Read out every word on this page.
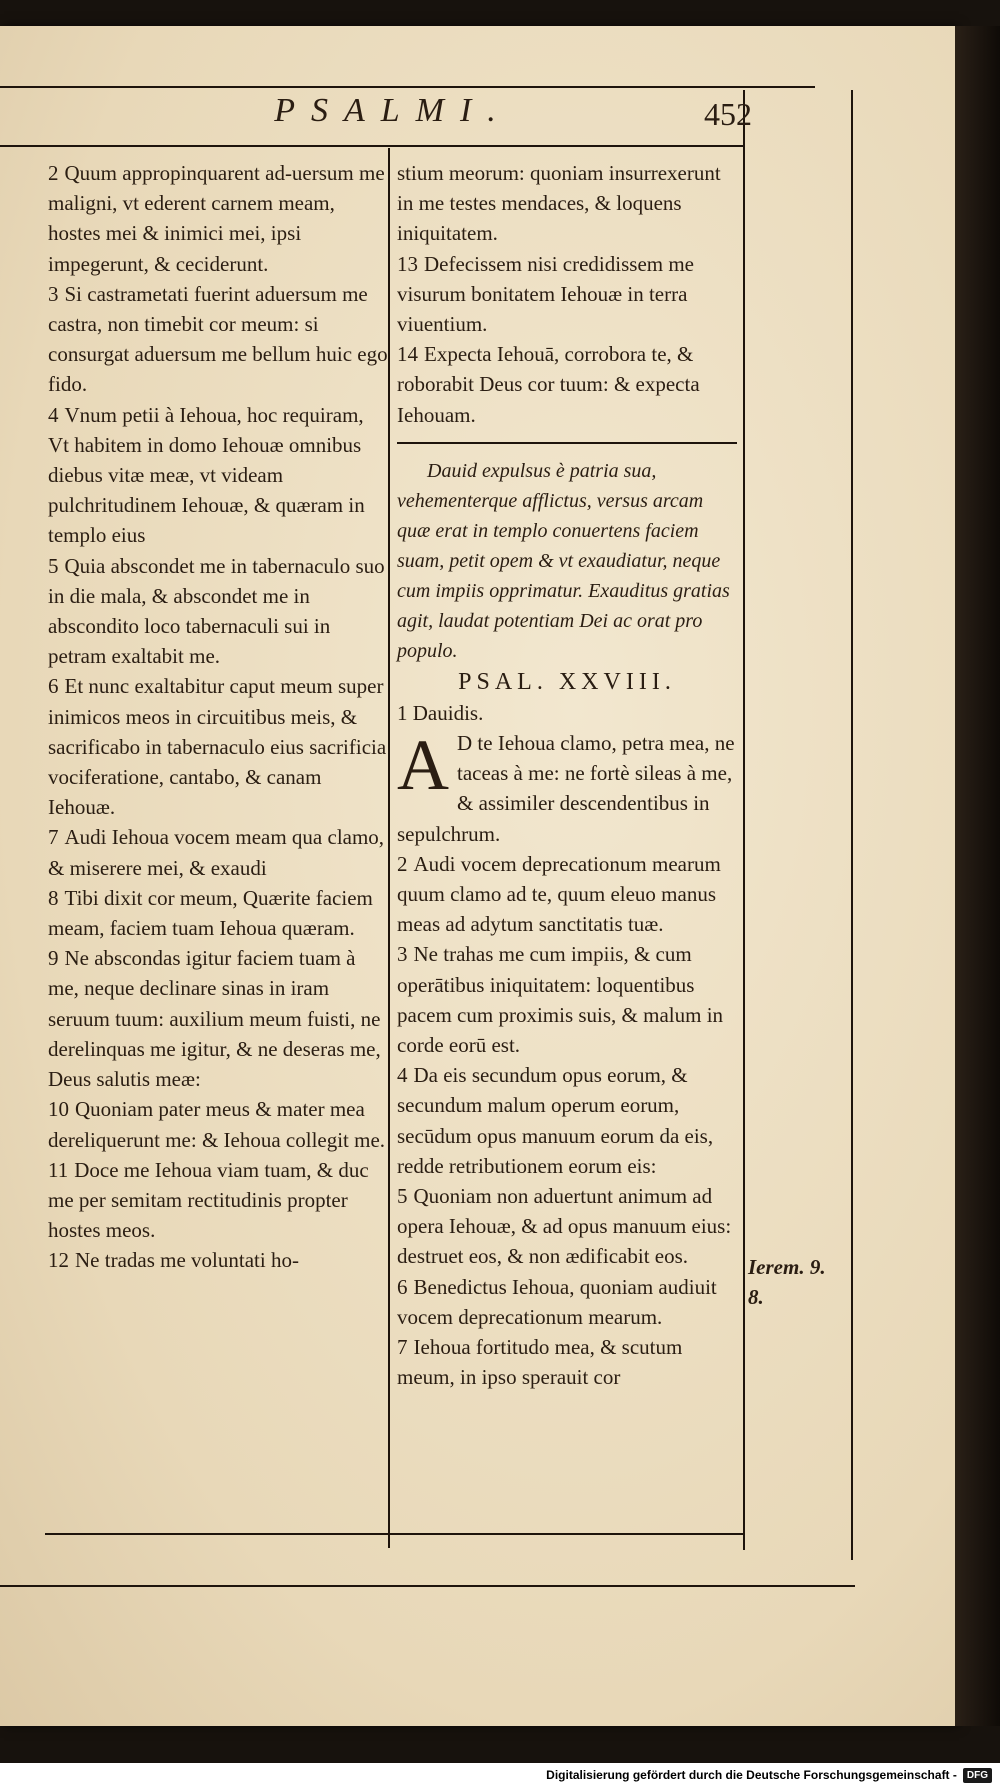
PSALMI.	452

2 Quum appropinquarent ad-uersum me maligni, vt ederent carnem meam, hostes mei & inimici mei, ipsi impegerunt, & ceciderunt.

3 Si castrametati fuerint aduersum me castra, non timebit cor meum: si consurgat aduersum me bellum huic ego fido.

4 Vnum petii à Iehoua, hoc requiram, Vt habitem in domo Iehouæ omnibus diebus vitæ meæ, vt videam pulchritudinem Iehouæ, & quæram in templo eius

5 Quia abscondet me in tabernaculo suo in die mala, & abscondet me in abscondito loco tabernaculi sui in petram exaltabit me.

6 Et nunc exaltabitur caput meum super inimicos meos in circuitibus meis, & sacrificabo in tabernaculo eius sacrificia vociferatione, cantabo, & canam Iehouæ.

7 Audi Iehoua vocem meam qua clamo, & miserere mei, & exaudi

8 Tibi dixit cor meum, Quærite faciem meam, faciem tuam Iehoua quæram.

9 Ne abscondas igitur faciem tuam à me, neque declinare sinas in iram seruum tuum: auxilium meum fuisti, ne derelinquas me igitur, & ne deseras me, Deus salutis meæ:

10 Quoniam pater meus & mater mea dereliquerunt me: & Iehoua collegit me.

11 Doce me Iehoua viam tuam, & duc me per semitam rectitudinis propter hostes meos.

12 Ne tradas me voluntati ho-

stium meorum: quoniam insurrexerunt in me testes mendaces, & loquens iniquitatem.

13 Defecissem nisi credidissem me visurum bonitatem Iehouæ in terra viuentium.

14 Expecta Iehouā, corrobora te, & roborabit Deus cor tuum: & expecta Iehouam.

Dauid expulsus è patria sua, vehementerque afflictus, versus arcam quæ erat in templo conuertens faciem suam, petit opem & vt exaudiatur, neque cum impiis opprimatur. Exauditus gratias agit, laudat potentiam Dei ac orat pro populo.

PSAL. XXVIII.

1 Dauidis.

A D te Iehoua clamo, petra mea, ne taceas à me: ne fortè sileas à me, & assimiler descendentibus in sepulchrum.

2 Audi vocem deprecationum mearum quum clamo ad te, quum eleuo manus meas ad adytum sanctitatis tuæ.

3 Ne trahas me cum impiis, & cum operātibus iniquitatem: loquentibus pacem cum proximis suis, & malum in corde eorū est.

4 Da eis secundum opus eorum, & secundum malum operum eorum, secūdum opus manuum eorum da eis, redde retributionem eorum eis:

5 Quoniam non aduertunt animum ad opera Iehouæ, & ad opus manuum eius: destruet eos, & non ædificabit eos.

6 Benedictus Iehoua, quoniam audiuit vocem deprecationum mearum.

7 Iehoua fortitudo mea, & scutum meum, in ipso sperauit cor

Ierem. 9.
8.
Digitalisierung gefördert durch die Deutsche Forschungsgemeinschaft -	DFG
